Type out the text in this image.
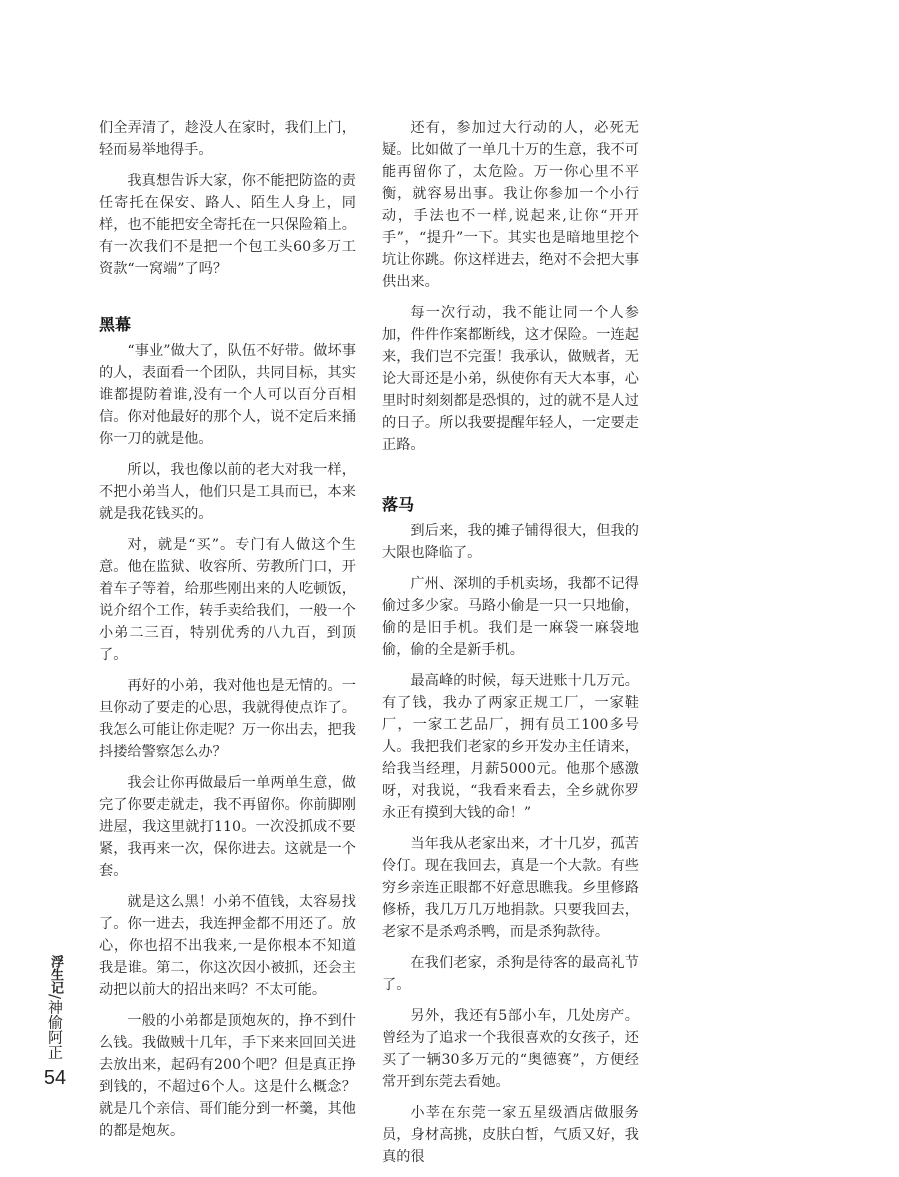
们全弄清了，趁没人在家时，我们上门，轻而易举地得手。

我真想告诉大家，你不能把防盗的责任寄托在保安、路人、陌生人身上，同样，也不能把安全寄托在一只保险箱上。有一次我们不是把一个包工头60多万工资款“一窝端”了吗？

黑幕

“事业”做大了，队伍不好带。做坏事的人，表面看一个团队，共同目标，其实谁都提防着谁,没有一个人可以百分百相信。你对他最好的那个人，说不定后来捅你一刀的就是他。

所以，我也像以前的老大对我一样，不把小弟当人，他们只是工具而已，本来就是我花钱买的。

对，就是“买”。专门有人做这个生意。他在监狱、收容所、劳教所门口，开着车子等着，给那些刚出来的人吃顿饭，说介绍个工作，转手卖给我们，一般一个小弟二三百，特别优秀的八九百，到顶了。

再好的小弟，我对他也是无情的。一旦你动了要走的心思，我就得使点诈了。我怎么可能让你走呢？万一你出去，把我抖搂给警察怎么办？

我会让你再做最后一单两单生意，做完了你要走就走，我不再留你。你前脚刚进屋，我这里就打110。一次没抓成不要紧，我再来一次，保你进去。这就是一个套。

就是这么黑！小弟不值钱，太容易找了。你一进去，我连押金都不用还了。放心，你也招不出我来,一是你根本不知道我是谁。第二，你这次因小被抓，还会主动把以前大的招出来吗？不太可能。

一般的小弟都是顶炮灰的，挣不到什么钱。我做贼十几年，手下来来回回关进去放出来，起码有200个吧？但是真正挣到钱的，不超过6个人。这是什么概念？就是几个亲信、哥们能分到一杯羹，其他的都是炮灰。

还有，参加过大行动的人，必死无疑。比如做了一单几十万的生意，我不可能再留你了，太危险。万一你心里不平衡，就容易出事。我让你参加一个小行动，手法也不一样,说起来,让你“开开手”，“提升”一下。其实也是暗地里挖个坑让你跳。你这样进去，绝对不会把大事供出来。

每一次行动，我不能让同一个人参加，件件作案都断线，这才保险。一连起来，我们岂不完蛋！我承认，做贼者，无论大哥还是小弟，纵使你有天大本事，心里时时刻刻都是恐惧的，过的就不是人过的日子。所以我要提醒年轻人，一定要走正路。

落马

到后来，我的摊子铺得很大，但我的大限也降临了。

广州、深圳的手机卖场，我都不记得偷过多少家。马路小偷是一只一只地偷，偷的是旧手机。我们是一麻袋一麻袋地偷，偷的全是新手机。

最高峰的时候，每天进账十几万元。有了钱，我办了两家正规工厂，一家鞋厂，一家工艺品厂，拥有员工100多号人。我把我们老家的乡开发办主任请来，给我当经理，月薪5000元。他那个感激呀，对我说，“我看来看去，全乡就你罗永正有摸到大钱的命！”

当年我从老家出来，才十几岁，孤苦伶仃。现在我回去，真是一个大款。有些穷乡亲连正眼都不好意思瞧我。乡里修路修桥，我几万几万地捐款。只要我回去，老家不是杀鸡杀鸭，而是杀狗款待。

在我们老家，杀狗是待客的最高礼节了。

另外，我还有5部小车，几处房产。曾经为了追求一个我很喜欢的女孩子，还买了一辆30多万元的“奥德赛”，方便经常开到东莞去看她。

小莘在东莞一家五星级酒店做服务员，身材高挑，皮肤白皙，气质又好，我真的很

浮生记/神偷阿正
54
